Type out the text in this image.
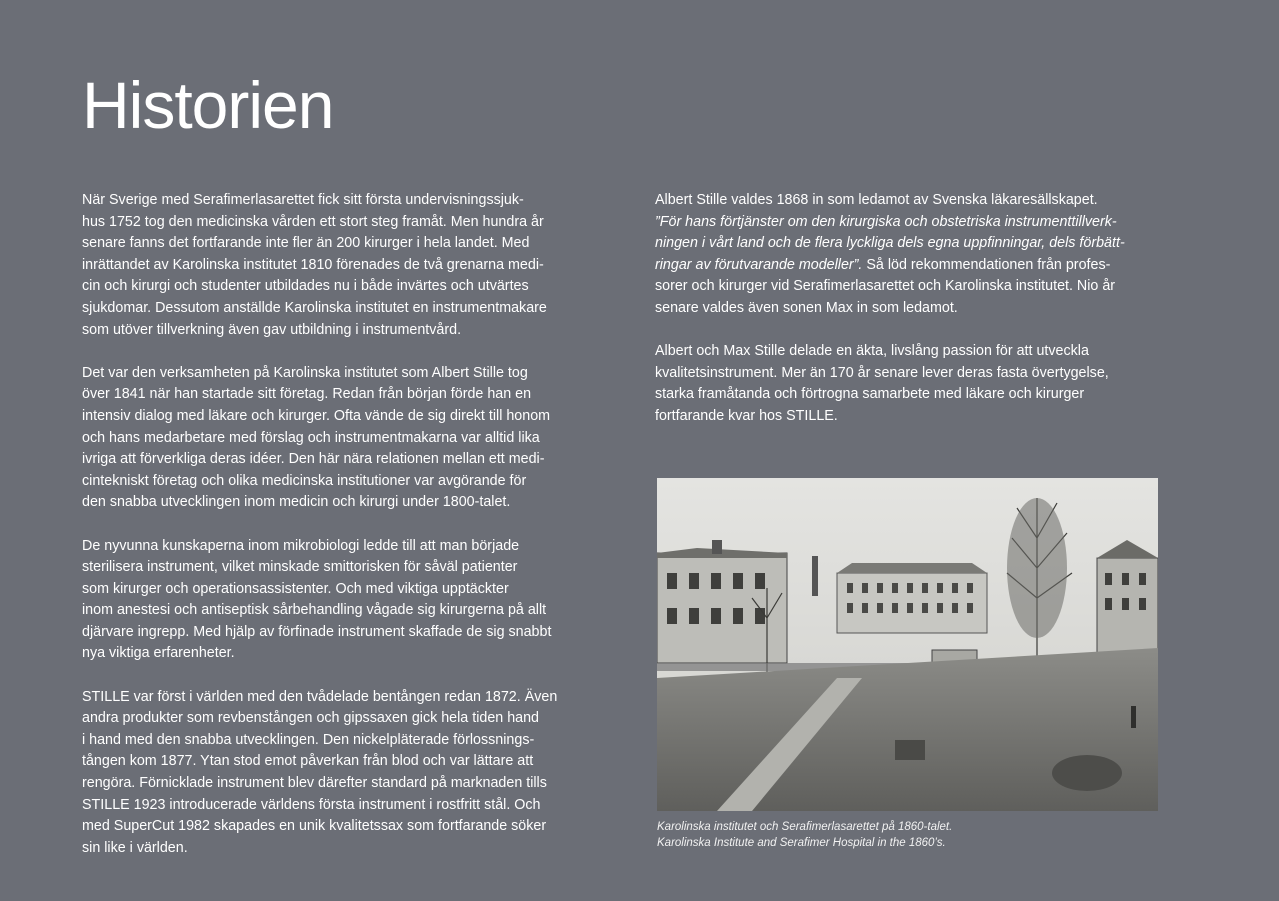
Historien

När Sverige med Serafimerlasarettet fick sitt första undervisningssjuk-
hus 1752 tog den medicinska vården ett stort steg framåt. Men hundra år
senare fanns det fortfarande inte fler än 200 kirurger i hela landet. Med
inrättandet av Karolinska institutet 1810 förenades de två grenarna medi-
cin och kirurgi och studenter utbildades nu i både invärtes och utvärtes
sjukdomar. Dessutom anställde Karolinska institutet en instrumentmakare
som utöver tillverkning även gav utbildning i instrumentvård.

Det var den verksamheten på Karolinska institutet som Albert Stille tog
över 1841 när han startade sitt företag. Redan från början förde han en
intensiv dialog med läkare och kirurger. Ofta vände de sig direkt till honom
och hans medarbetare med förslag och instrumentmakarna var alltid lika
ivriga att förverkliga deras idéer. Den här nära relationen mellan ett medi-
cintekniskt företag och olika medicinska institutioner var avgörande för
den snabba utvecklingen inom medicin och kirurgi under 1800-talet.

De nyvunna kunskaperna inom mikrobiologi ledde till att man började
sterilisera instrument, vilket minskade smittorisken för såväl patienter
som kirurger och operationsassistenter. Och med viktiga upptäckter
inom anestesi och antiseptisk sårbehandling vågade sig kirurgerna på allt
djärvare ingrepp. Med hjälp av förfinade instrument skaffade de sig snabbt
nya viktiga erfarenheter.

STILLE var först i världen med den tvådelade bentången redan 1872. Även
andra produkter som revbenstången och gipssaxen gick hela tiden hand
i hand med den snabba utvecklingen. Den nickelpläterade förlossnings-
tången kom 1877. Ytan stod emot påverkan från blod och var lättare att
rengöra. Förnicklade instrument blev därefter standard på marknaden tills
STILLE 1923 introducerade världens första instrument i rostfritt stål. Och
med SuperCut 1982 skapades en unik kvalitetssax som fortfarande söker
sin like i världen.

Albert Stille valdes 1868 in som ledamot av Svenska läkaresällskapet.
”För hans förtjänster om den kirurgiska och obstetriska instrumenttillverk-
ningen i vårt land och de flera lyckliga dels egna uppfinningar, dels förbätt-
ringar av förutvarande modeller”. Så löd rekommendationen från profes-
sorer och kirurger vid Serafimerlasarettet och Karolinska institutet. Nio år
senare valdes även sonen Max in som ledamot.

Albert och Max Stille delade en äkta, livslång passion för att utveckla
kvalitetsinstrument. Mer än 170 år senare lever deras fasta övertygelse,
starka framåtanda och förtrogna samarbete med läkare och kirurger
fortfarande kvar hos STILLE.

Karolinska institutet och Serafimerlasarettet på 1860-talet.
Karolinska Institute and Serafimer Hospital in the 1860’s.
